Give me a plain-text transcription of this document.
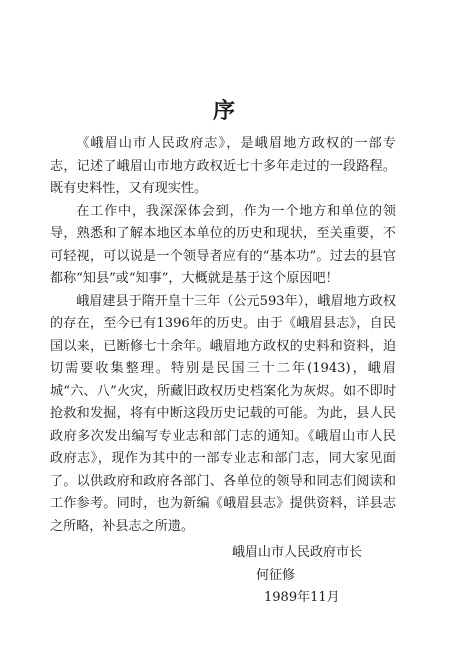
序

《峨眉山市人民政府志》，是峨眉地方政权的一部专志，记述了峨眉山市地方政权近七十多年走过的一段路程。既有史料性，又有现实性。

在工作中，我深深体会到，作为一个地方和单位的领导，熟悉和了解本地区本单位的历史和现状，至关重要，不可轻视，可以说是一个领导者应有的“基本功”。过去的县官都称“知县”或“知事”，大概就是基于这个原因吧！

峨眉建县于隋开皇十三年（公元593年），峨眉地方政权的存在，至今已有1396年的历史。由于《峨眉县志》，自民国以来，已断修七十余年。峨眉地方政权的史料和资料，迫切需要收集整理。特别是民国三十二年(1943)，峨眉城“六、八”火灾，所藏旧政权历史档案化为灰烬。如不即时抢救和发掘，将有中断这段历史记载的可能。为此，县人民政府多次发出编写专业志和部门志的通知。《峨眉山市人民政府志》，现作为其中的一部专业志和部门志，同大家见面了。以供政府和政府各部门、各单位的领导和同志们阅读和工作参考。同时，也为新编《峨眉县志》提供资料，详县志之所略，补县志之所遗。

峨眉山市人民政府市长
何征修
1989年11月
